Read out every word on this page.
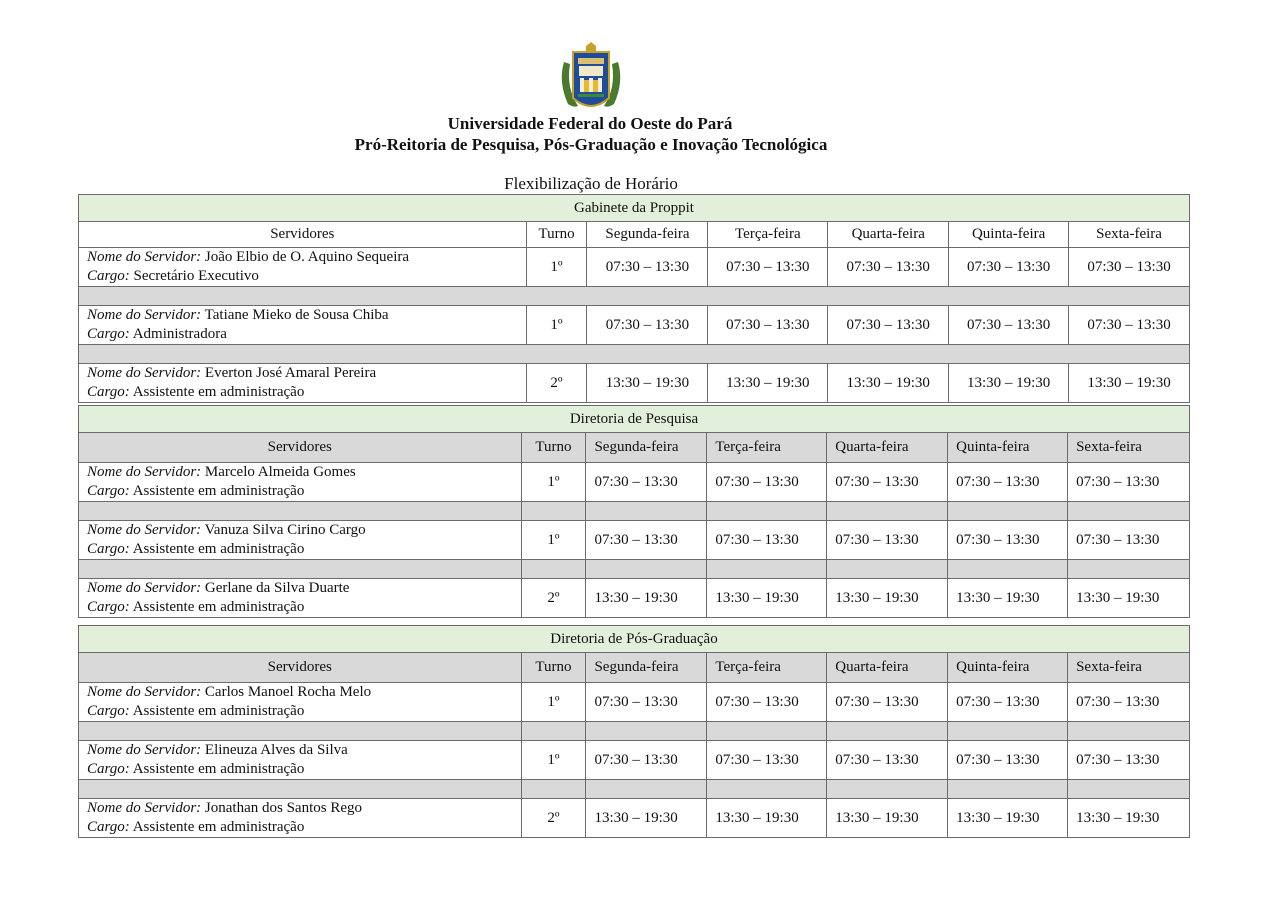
Universidade Federal do Oeste do Pará
Pró-Reitoria de Pesquisa, Pós-Graduação e Inovação Tecnológica
Flexibilização de Horário
Gabinete da Proppit						
Servidores	Turno	Segunda-feira	Terça-feira	Quarta-feira	Quinta-feira	Sexta-feira
Nome do Servidor: João Elbio de O. Aquino Sequeira
Cargo: Secretário Executivo	1º	07:30 – 13:30	07:30 – 13:30	07:30 – 13:30	07:30 – 13:30	07:30 – 13:30

Nome do Servidor: Tatiane Mieko de Sousa Chiba
Cargo: Administradora	1º	07:30 – 13:30	07:30 – 13:30	07:30 – 13:30	07:30 – 13:30	07:30 – 13:30

Nome do Servidor: Everton José Amaral Pereira
Cargo: Assistente em administração	2º	13:30 – 19:30	13:30 – 19:30	13:30 – 19:30	13:30 – 19:30	13:30 – 19:30
Diretoria de Pesquisa						
Servidores	Turno	Segunda-feira	Terça-feira	Quarta-feira	Quinta-feira	Sexta-feira
Nome do Servidor: Marcelo Almeida Gomes
Cargo: Assistente em administração	1º	07:30 – 13:30	07:30 – 13:30	07:30 – 13:30	07:30 – 13:30	07:30 – 13:30

Nome do Servidor: Vanuza Silva Cirino Cargo
Cargo: Assistente em administração	1º	07:30 – 13:30	07:30 – 13:30	07:30 – 13:30	07:30 – 13:30	07:30 – 13:30

Nome do Servidor: Gerlane da Silva Duarte
Cargo: Assistente em administração	2º	13:30 – 19:30	13:30 – 19:30	13:30 – 19:30	13:30 – 19:30	13:30 – 19:30
Diretoria de Pós-Graduação						
Servidores	Turno	Segunda-feira	Terça-feira	Quarta-feira	Quinta-feira	Sexta-feira
Nome do Servidor: Carlos Manoel Rocha Melo
Cargo: Assistente em administração	1º	07:30 – 13:30	07:30 – 13:30	07:30 – 13:30	07:30 – 13:30	07:30 – 13:30

Nome do Servidor: Elineuza Alves da Silva
Cargo: Assistente em administração	1º	07:30 – 13:30	07:30 – 13:30	07:30 – 13:30	07:30 – 13:30	07:30 – 13:30

Nome do Servidor: Jonathan dos Santos Rego
Cargo: Assistente em administração	2º	13:30 – 19:30	13:30 – 19:30	13:30 – 19:30	13:30 – 19:30	13:30 – 19:30
